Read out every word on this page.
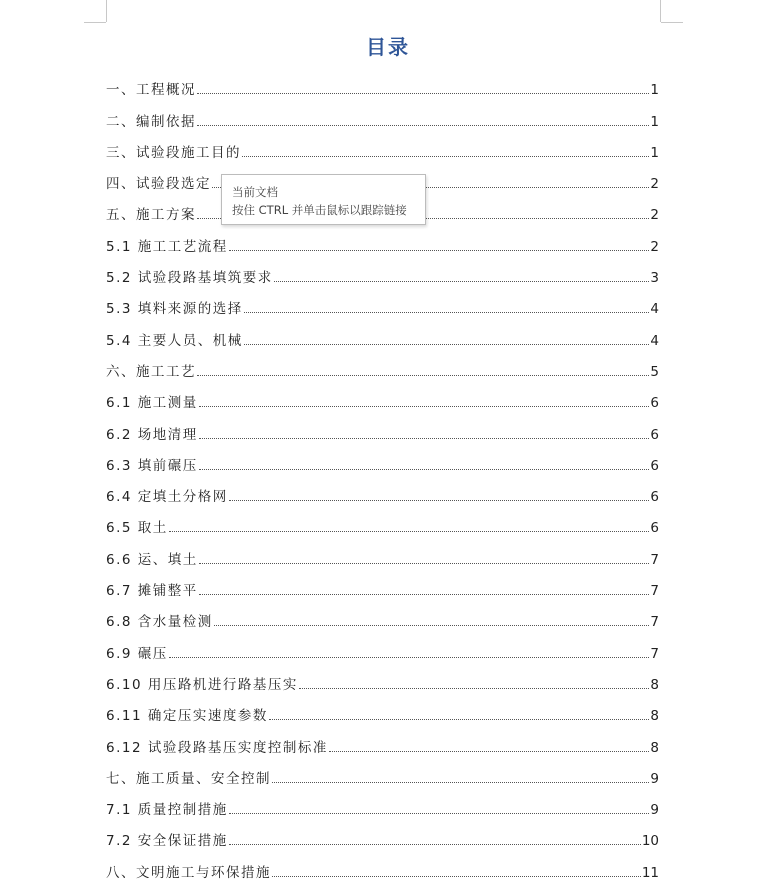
目录
一、工程概况	1
二、编制依据	1
三、试验段施工目的	1
四、试验段选定	2
五、施工方案	2
5.1 施工工艺流程	2
5.2 试验段路基填筑要求	3
5.3 填料来源的选择	4
5.4 主要人员、机械	4
六、施工工艺	5
6.1 施工测量	6
6.2 场地清理	6
6.3 填前碾压	6
6.4 定填土分格网	6
6.5 取土	6
6.6 运、填土	7
6.7 摊铺整平	7
6.8 含水量检测	7
6.9 碾压	7
6.10 用压路机进行路基压实	8
6.11 确定压实速度参数	8
6.12 试验段路基压实度控制标准	8
七、施工质量、安全控制	9
7.1 质量控制措施	9
7.2 安全保证措施	10
八、文明施工与环保措施	11
当前文档
按住 CTRL 并单击鼠标以跟踪链接
